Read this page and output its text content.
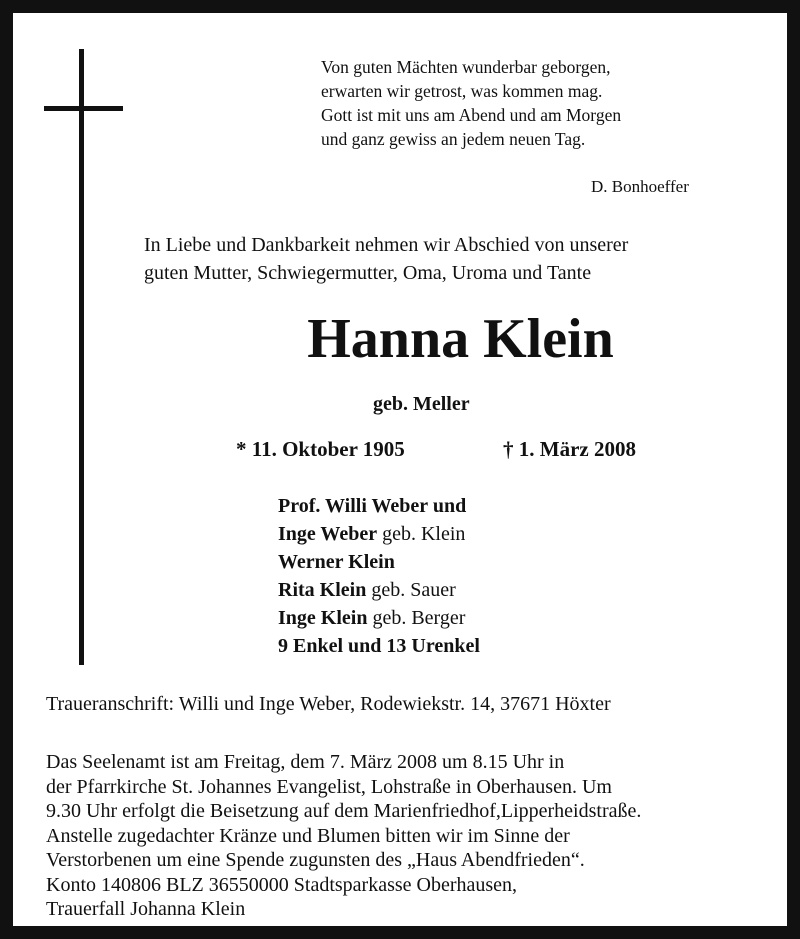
Von guten Mächten wunderbar geborgen,
erwarten wir getrost, was kommen mag.
Gott ist mit uns am Abend und am Morgen
und ganz gewiss an jedem neuen Tag.
D. Bonhoeffer
In Liebe und Dankbarkeit nehmen wir Abschied von unserer
guten Mutter, Schwiegermutter, Oma, Uroma und Tante
Hanna Klein
geb. Meller
* 11. Oktober 1905	† 1. März 2008
Prof. Willi Weber und
Inge Weber geb. Klein
Werner Klein
Rita Klein geb. Sauer
Inge Klein geb. Berger
9 Enkel und 13 Urenkel
Traueranschrift: Willi und Inge Weber, Rodewiekstr. 14, 37671 Höxter
Das Seelenamt ist am Freitag, dem 7. März 2008 um 8.15 Uhr in
der Pfarrkirche St. Johannes Evangelist, Lohstraße in Oberhausen. Um
9.30 Uhr erfolgt die Beisetzung auf dem Marienfriedhof,Lipperheidstraße.
Anstelle zugedachter Kränze und Blumen bitten wir im Sinne der
Verstorbenen um eine Spende zugunsten des „Haus Abendfrieden“.
Konto 140806 BLZ 36550000 Stadtsparkasse Oberhausen,
Trauerfall Johanna Klein
